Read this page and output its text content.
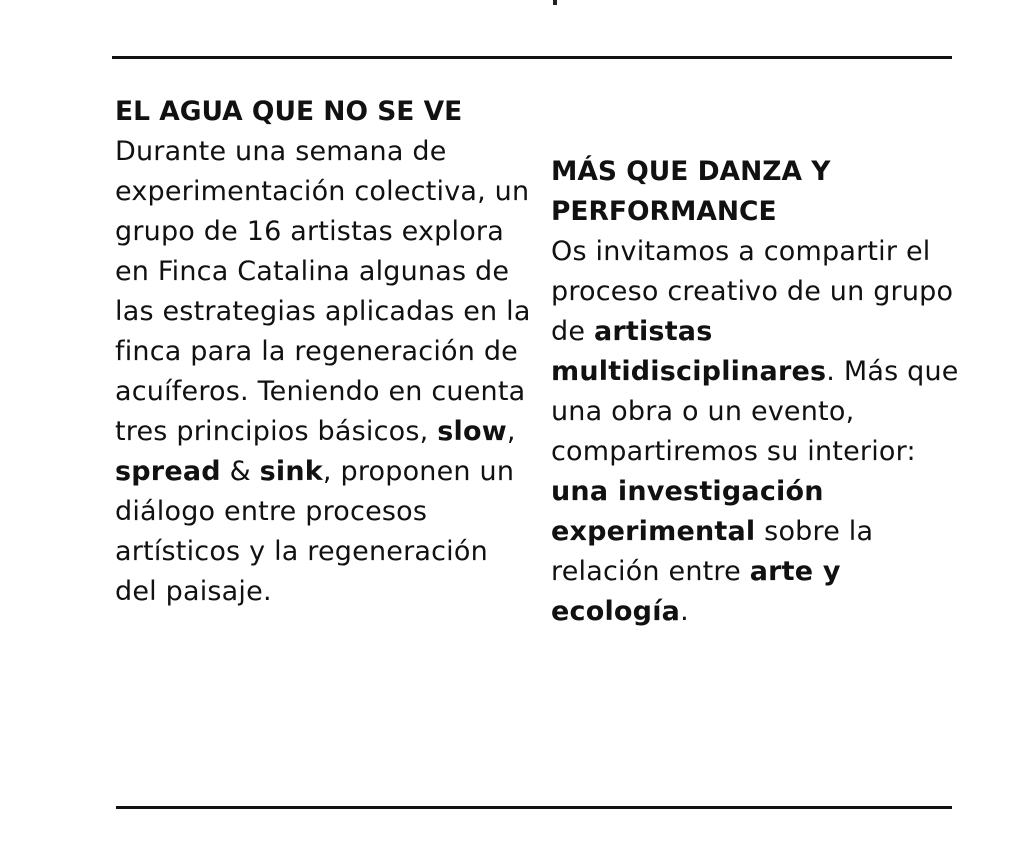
EL AGUA QUE NO SE VE

Durante una semana de experimentación colectiva, un grupo de 16 artistas explora en Finca Catalina algunas de las estrategias aplicadas en la finca para la regeneración de acuíferos. Teniendo en cuenta tres principios básicos, slow, spread & sink, proponen un diálogo entre procesos artísticos y la regeneración del paisaje.

MÁS QUE DANZA Y
PERFORMANCE

Os invitamos a compartir el proceso creativo de un grupo de artistas multidisciplinares. Más que una obra o un evento, compartiremos su interior: una investigación experimental sobre la relación entre arte y ecología.
